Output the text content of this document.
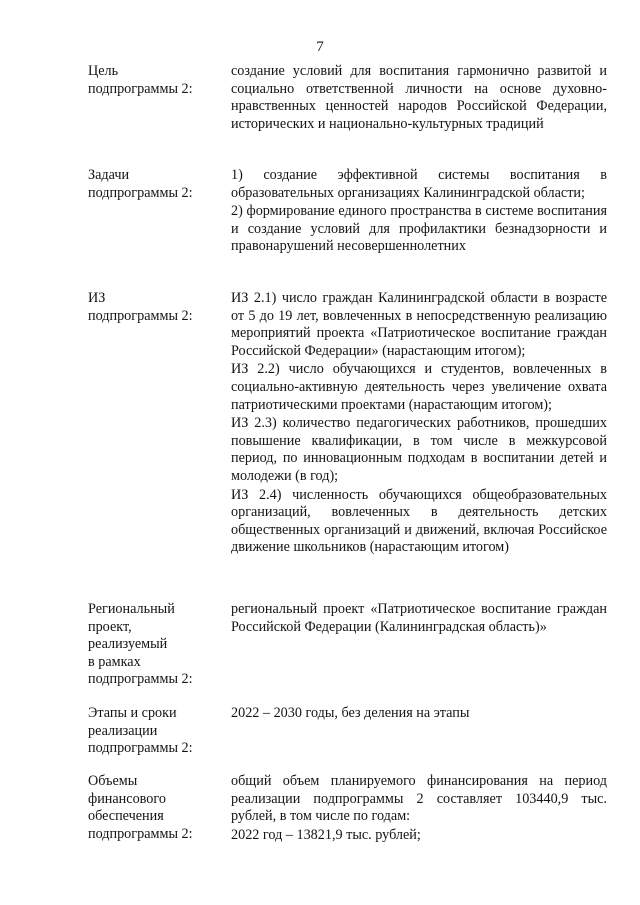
7
Цель
подпрограммы 2:

создание условий для воспитания гармонично развитой и социально ответственной личности на основе духовно-нравственных ценностей народов Российской Федерации, исторических и национально-культурных традиций

Задачи
подпрограммы 2:

1) создание эффективной системы воспитания в образовательных организациях Калининградской области;

2) формирование единого пространства в системе воспитания и создание условий для профилактики безнадзорности и правонарушений несовершеннолетних

ИЗ
подпрограммы 2:

ИЗ 2.1) число граждан Калининградской области в возрасте от 5 до 19 лет, вовлеченных в непосредственную реализацию мероприятий проекта «Патриотическое воспитание граждан Российской Федерации» (нарастающим итогом);

ИЗ 2.2) число обучающихся и студентов, вовлеченных в социально-активную деятельность через увеличение охвата патриотическими проектами (нарастающим итогом);

ИЗ 2.3) количество педагогических работников, прошедших повышение квалификации, в том числе в межкурсовой период, по инновационным подходам в воспитании детей и молодежи (в год);

ИЗ 2.4) численность обучающихся общеобразовательных организаций, вовлеченных в деятельность детских общественных организаций и движений, включая Российское движение школьников (нарастающим итогом)

Региональный
проект,
реализуемый
в рамках
подпрограммы 2:

региональный проект «Патриотическое воспитание граждан Российской Федерации (Калининградская область)»

Этапы и сроки
реализации
подпрограммы 2:

2022 – 2030 годы, без деления на этапы

Объемы
финансового
обеспечения
подпрограммы 2:

общий объем планируемого финансирования на период реализации подпрограммы 2 составляет 103440,9 тыс. рублей, в том числе по годам:

2022 год – 13821,9 тыс. рублей;
